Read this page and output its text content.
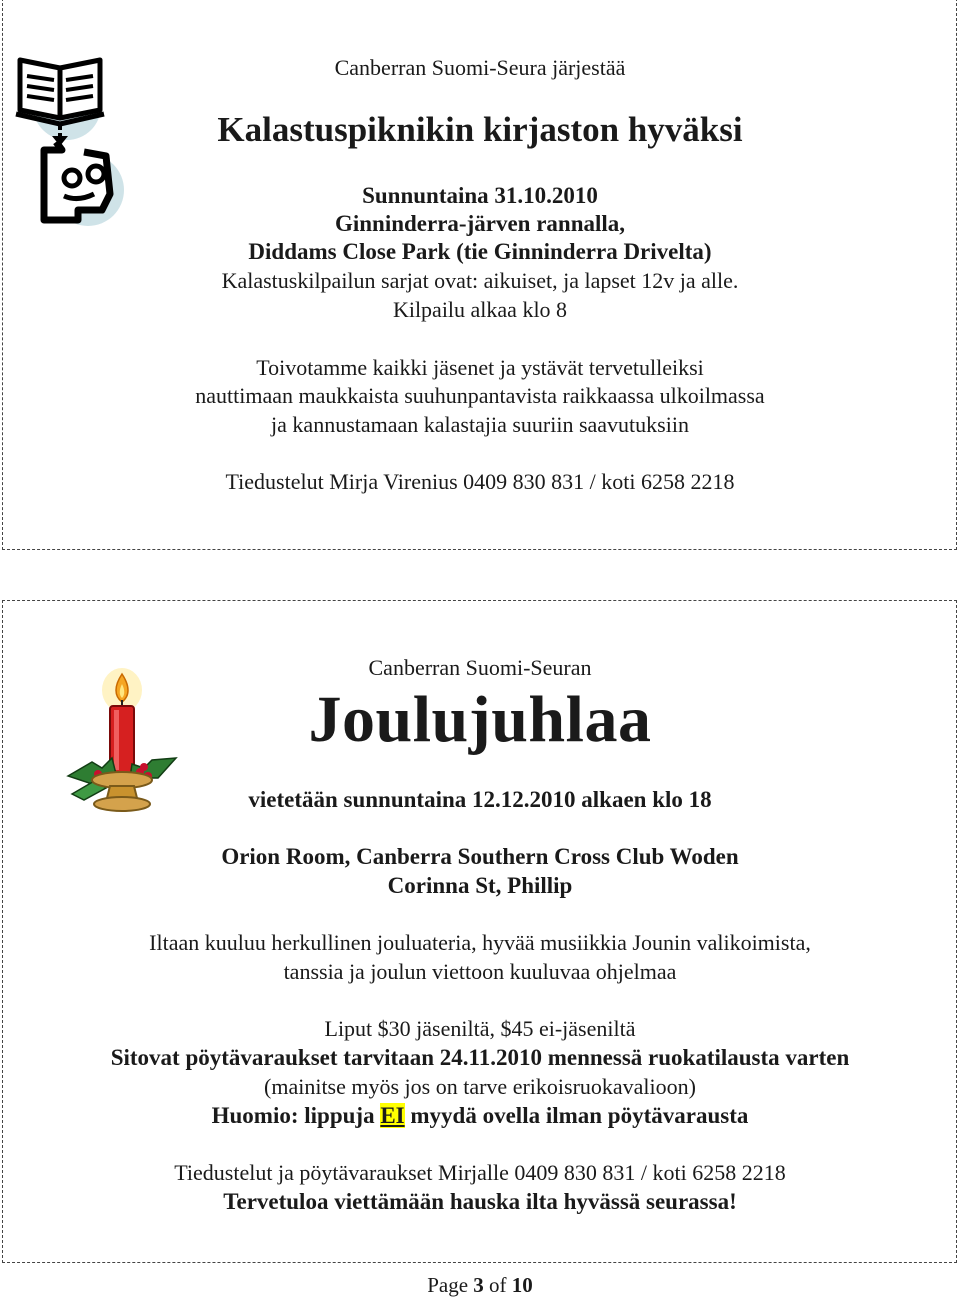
Canberran Suomi-Seura järjestää
Kalastuspiknikin kirjaston hyväksi
Sunnuntaina 31.10.2010
Ginninderra-järven rannalla,
Diddams Close Park (tie Ginninderra Drivelta)
Kalastuskilpailun sarjat ovat: aikuiset, ja lapset 12v ja alle.
Kilpailu alkaa klo 8
Toivotamme kaikki jäsenet ja ystävät tervetulleiksi
nauttimaan maukkaista suuhunpantavista raikkaassa ulkoilmassa
ja kannustamaan kalastajia suuriin saavutuksiin
Tiedustelut Mirja Virenius 0409 830 831 / koti 6258 2218
Canberran Suomi-Seuran
Joulujuhlaa
vietetään sunnuntaina 12.12.2010 alkaen klo 18
Orion Room, Canberra Southern Cross Club Woden
Corinna St, Phillip
Iltaan kuuluu herkullinen jouluateria, hyvää musiikkia Jounin valikoimista,
tanssia ja joulun viettoon kuuluvaa ohjelmaa
Liput $30 jäseniltä, $45 ei-jäseniltä
Sitovat pöytävaraukset tarvitaan 24.11.2010 mennessä ruokatilausta varten
(mainitse myös jos on tarve erikoisruokavalioon)
Huomio: lippuja EI myydä ovella ilman pöytävarausta
Tiedustelut ja pöytävaraukset Mirjalle 0409 830 831 / koti 6258 2218
Tervetuloa viettämään hauska ilta hyvässä seurassa!
Page 3 of 10
